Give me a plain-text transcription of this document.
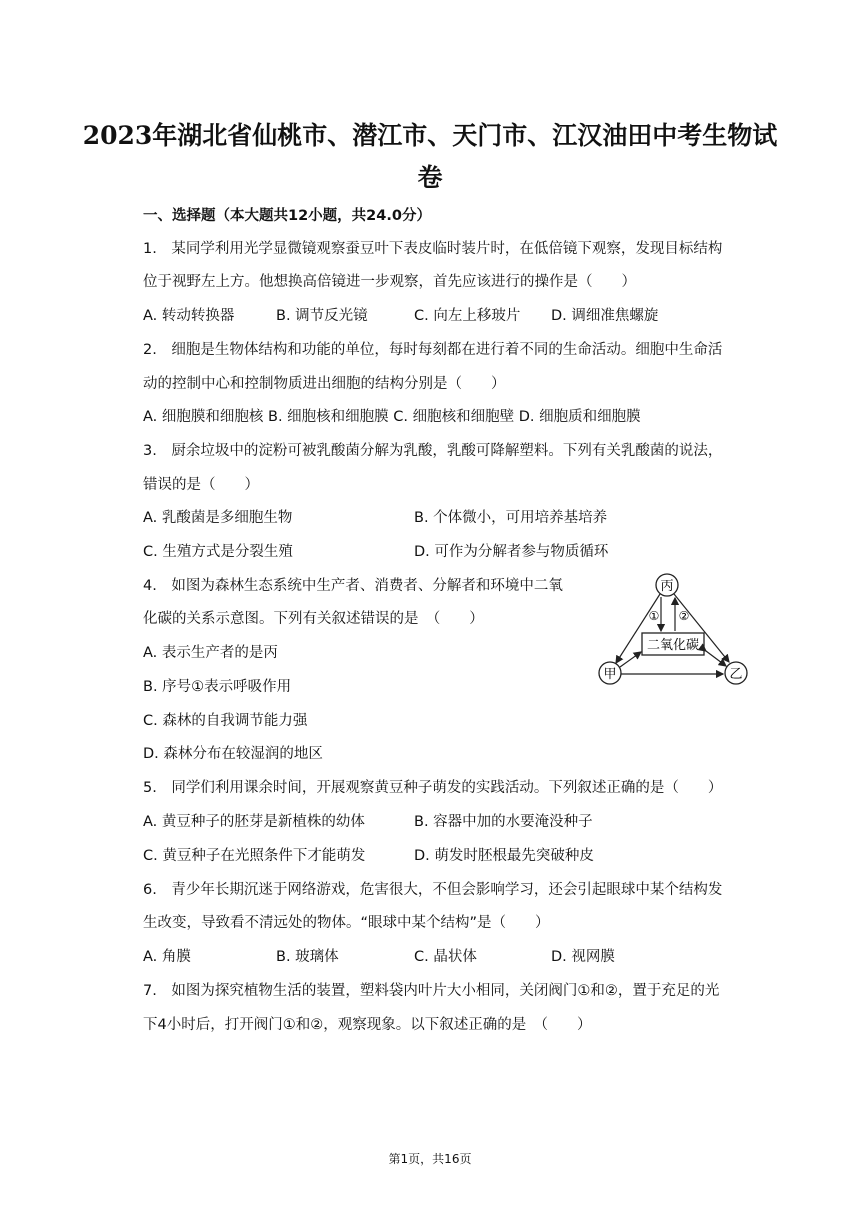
2023年湖北省仙桃市、潜江市、天门市、江汉油田中考生物试
卷
一、选择题（本大题共12小题，共24.0分）
1.　某同学利用光学显微镜观察蚕豆叶下表皮临时装片时，在低倍镜下观察，发现目标结构
位于视野左上方。他想换高倍镜进一步观察，首先应该进行的操作是（　　）
A. 转动转换器	B. 调节反光镜	C. 向左上移玻片 D. 调细准焦螺旋
2.　细胞是生物体结构和功能的单位，每时每刻都在进行着不同的生命活动。细胞中生命活
动的控制中心和控制物质进出细胞的结构分别是（　　）
A. 细胞膜和细胞核 B. 细胞核和细胞膜 C. 细胞核和细胞壁 D. 细胞质和细胞膜
3.　厨余垃圾中的淀粉可被乳酸菌分解为乳酸，乳酸可降解塑料。下列有关乳酸菌的说法，
错误的是（　　）
A. 乳酸菌是多细胞生物	B. 个体微小，可用培养基培养
C. 生殖方式是分裂生殖	D. 可作为分解者参与物质循环
4.　如图为森林生态系统中生产者、消费者、分解者和环境中二氧
化碳的关系示意图。下列有关叙述错误的是　（　　）
A. 表示生产者的是丙
B. 序号①表示呼吸作用
C. 森林的自我调节能力强
D. 森林分布在较湿润的地区
丙
甲	乙
二氧化碳
① ②
5.　同学们利用课余时间，开展观察黄豆种子萌发的实践活动。下列叙述正确的是（　　）
A. 黄豆种子的胚芽是新植株的幼体	B. 容器中加的水要淹没种子
C. 黄豆种子在光照条件下才能萌发	D. 萌发时胚根最先突破种皮
6.　青少年长期沉迷于网络游戏，危害很大，不但会影响学习，还会引起眼球中某个结构发
生改变，导致看不清远处的物体。“眼球中某个结构”是（　　）
A. 角膜	B. 玻璃体	C. 晶状体	D. 视网膜
7.　如图为探究植物生活的装置，塑料袋内叶片大小相同，关闭阀门①和②，置于充足的光
下4小时后，打开阀门①和②，观察现象。以下叙述正确的是　（　　）
第1页，共16页
